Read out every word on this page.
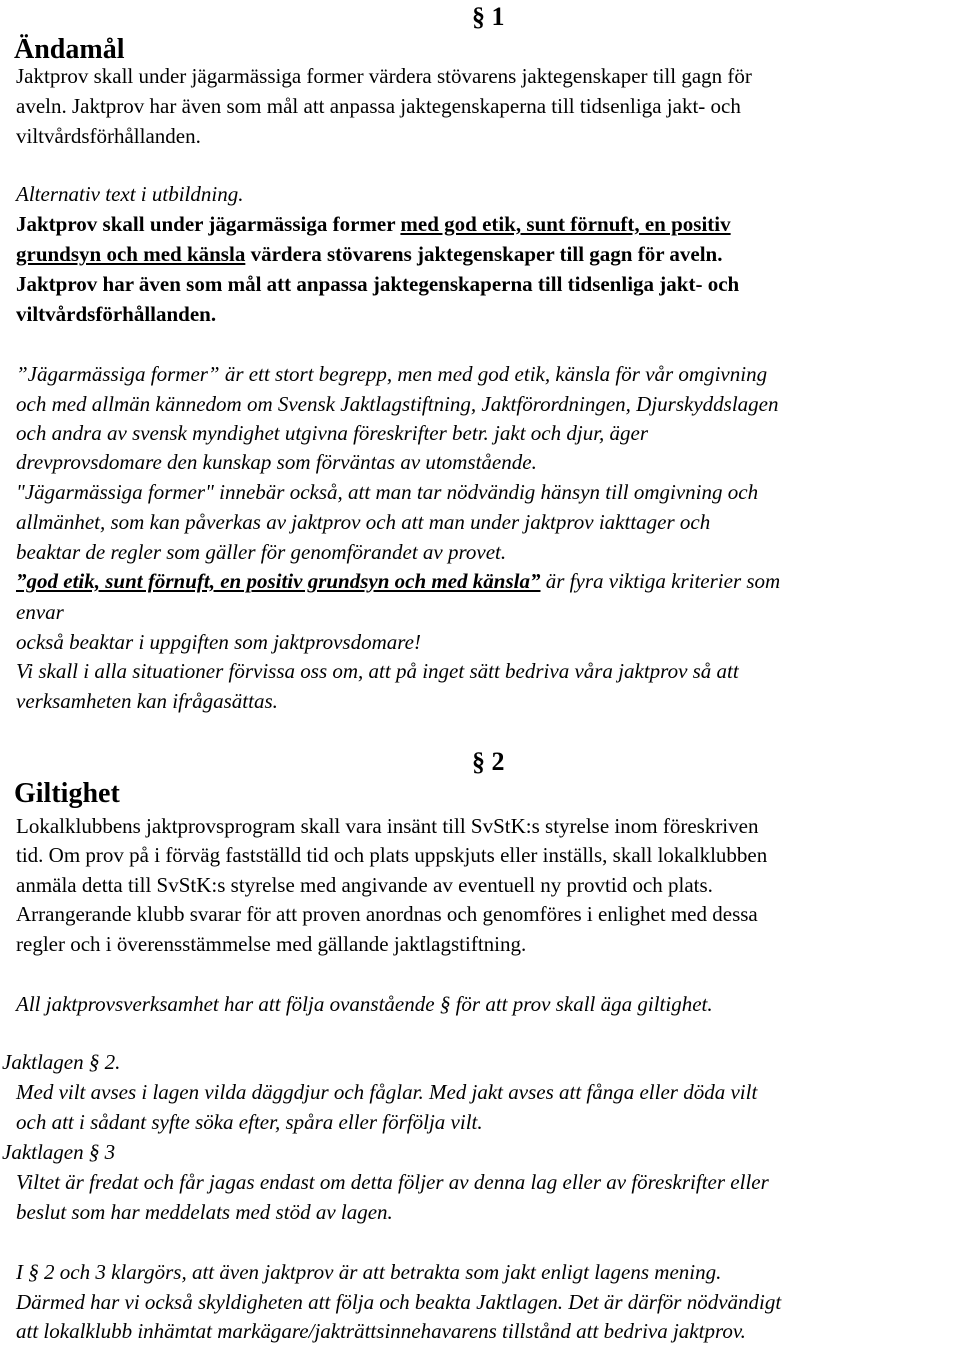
§ 1
Ändamål
Jaktprov skall under jägarmässiga former värdera stövarens jaktegenskaper till gagn för
aveln. Jaktprov har även som mål att anpassa jaktegenskaperna till tidsenliga jakt- och
viltvårdsförhållanden.
Alternativ text i utbildning.
Jaktprov skall under jägarmässiga former med god etik, sunt förnuft, en positiv
grundsyn och med känsla värdera stövarens jaktegenskaper till gagn för aveln.
Jaktprov har även som mål att anpassa jaktegenskaperna till tidsenliga jakt- och
viltvårdsförhållanden.
”Jägarmässiga former” är ett stort begrepp, men med god etik, känsla för vår omgivning
och med allmän kännedom om Svensk Jaktlagstiftning, Jaktförordningen, Djurskyddslagen
och andra av svensk myndighet utgivna föreskrifter betr. jakt och djur, äger
drevprovsdomare den kunskap som förväntas av utomstående.
"Jägarmässiga former" innebär också, att man tar nödvändig hänsyn till omgivning och
allmänhet, som kan påverkas av jaktprov och att man under jaktprov iakttager och
beaktar de regler som gäller för genomförandet av provet.
”god etik, sunt förnuft, en positiv grundsyn och med känsla” är fyra viktiga kriterier som
envar
också beaktar i uppgiften som jaktprovsdomare!
Vi skall i alla situationer förvissa oss om, att på inget sätt bedriva våra jaktprov så att
verksamheten kan ifrågasättas.
§ 2
Giltighet
Lokalklubbens jaktprovsprogram skall vara insänt till SvStK:s styrelse inom föreskriven
tid. Om prov på i förväg fastställd tid och plats uppskjuts eller inställs, skall lokalklubben
anmäla detta till SvStK:s styrelse med angivande av eventuell ny provtid och plats.
Arrangerande klubb svarar för att proven anordnas och genomföres i enlighet med dessa
regler och i överensstämmelse med gällande jaktlagstiftning.
All jaktprovsverksamhet har att följa ovanstående § för att prov skall äga giltighet.
Jaktlagen § 2.
Med vilt avses i lagen vilda däggdjur och fåglar. Med jakt avses att fånga eller döda vilt
och att i sådant syfte söka efter, spåra eller förfölja vilt.
Jaktlagen § 3
Viltet är fredat och får jagas endast om detta följer av denna lag eller av föreskrifter eller
beslut som har meddelats med stöd av lagen.
I § 2 och 3 klargörs, att även jaktprov är att betrakta som jakt enligt lagens mening.
Därmed har vi också skyldigheten att följa och beakta Jaktlagen. Det är därför nödvändigt
att lokalklubb inhämtat markägare/jakträttsinnehavarens tillstånd att bedriva jaktprov.
